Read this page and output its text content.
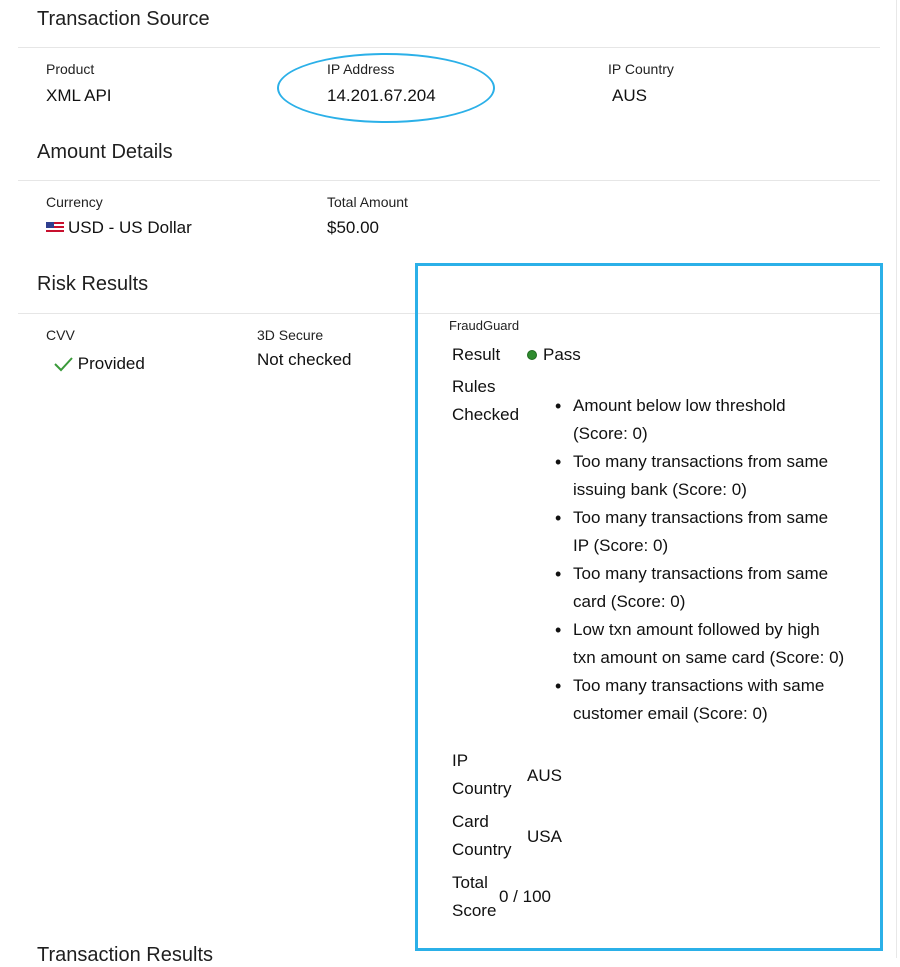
Transaction Source
Product
XML API
IP Address
14.201.67.204
IP Country
AUS
Amount Details
Currency
USD - US Dollar
Total Amount
$50.00
Risk Results
CVV
Provided
3D Secure
Not checked
FraudGuard
Result	Pass
Rules
Checked
•	Amount below low threshold
(Score: 0)
• Too many transactions from same
issuing bank (Score: 0)
• Too many transactions from same
IP (Score: 0)
• Too many transactions from same
card (Score: 0)
• Low txn amount followed by high
txn amount on same card (Score: 0)
• Too many transactions with same
customer email (Score: 0)
IP
Country
AUS
Card
Country
USA
Total
Score
0 / 100
Transaction Results
